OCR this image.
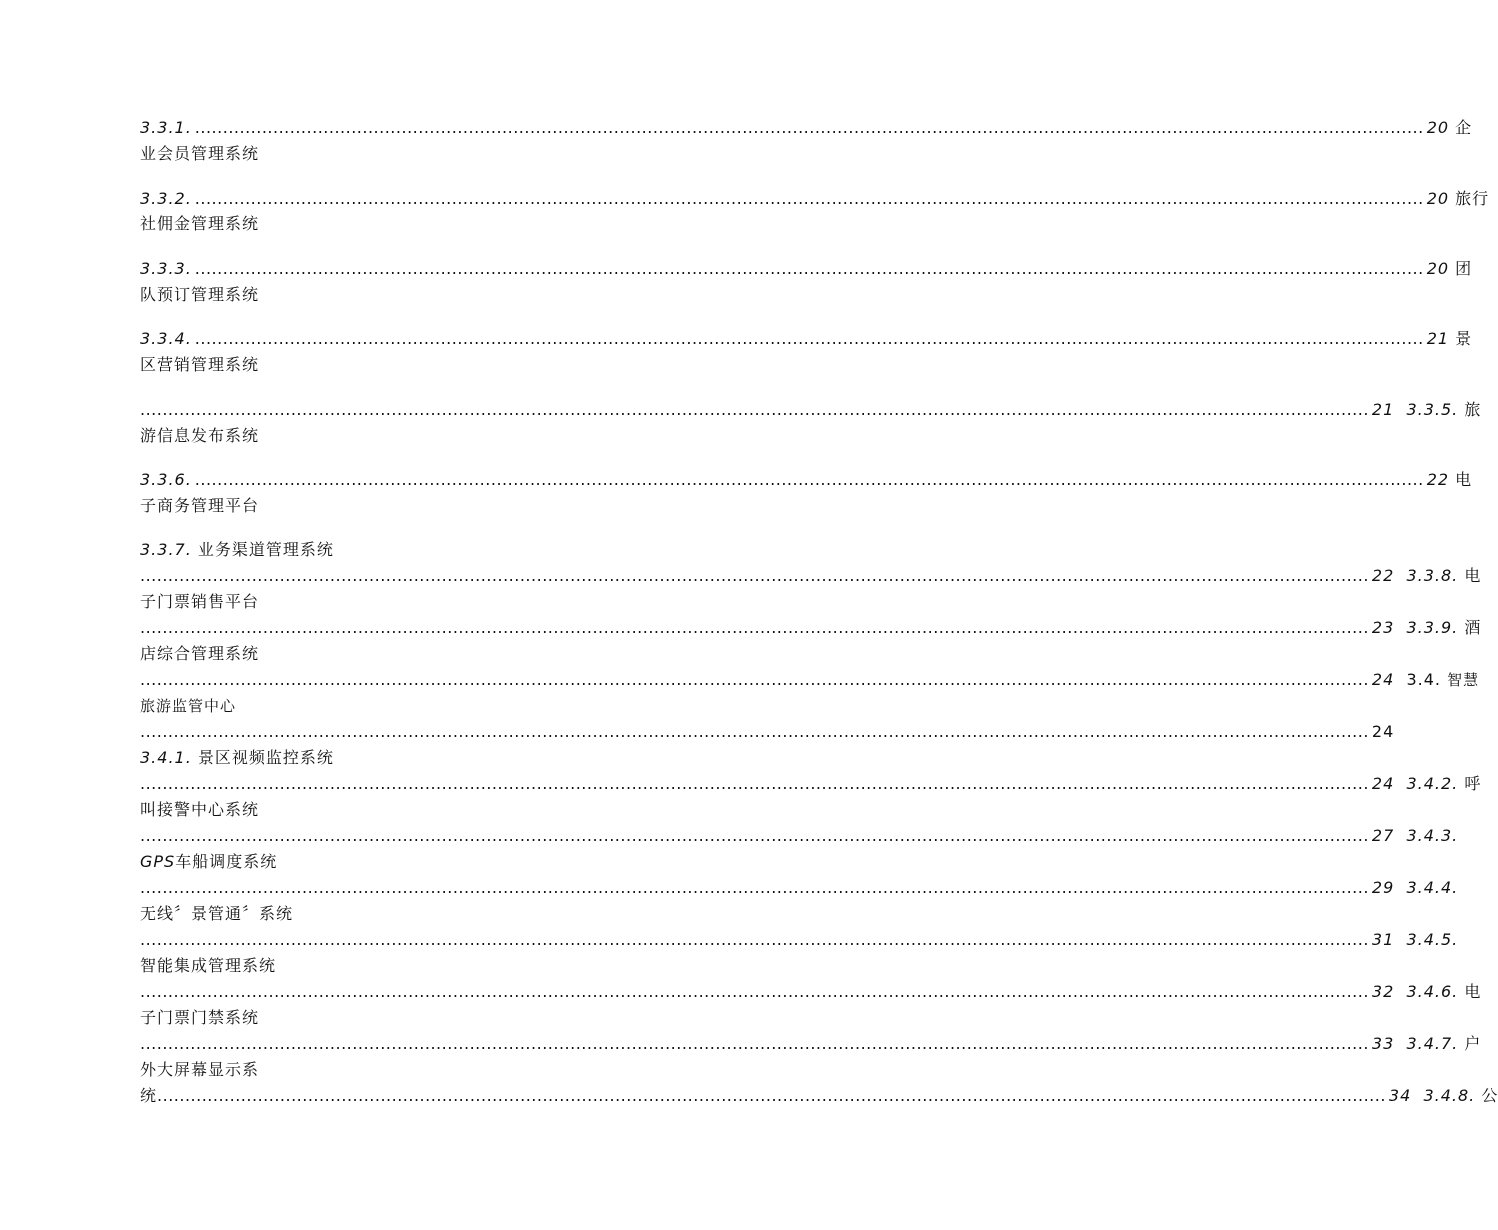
3.3.1. ............................................................................................................................................................................................................................ 20
企
业会员管理系统
3.3.2. ............................................................................................................................................................................................................................ 20
旅行
社佣金管理系统
3.3.3. ............................................................................................................................................................................................................................ 20
团
队预订管理系统
3.3.4. ............................................................................................................................................................................................................................ 21
景
区营销管理系统
............................................................................................................................................................................................................................ 21
3.3.5.
旅
游信息发布系统
3.3.6. ............................................................................................................................................................................................................................ 22
电
子商务管理平台
3.3.7. 业务渠道管理系统
............................................................................................................................................................................................................................ 22
3.3.8.
电
子门票销售平台
............................................................................................................................................................................................................................ 23
3.3.9.
酒
店综合管理系统
............................................................................................................................................................................................................................ 24
3.4.
智慧
旅游监管中心
............................................................................................................................................................................................................................ 24
3.4.1. 景区视频监控系统
............................................................................................................................................................................................................................ 24
3.4.2.
呼
叫接警中心系统
............................................................................................................................................................................................................................ 27
3.4.3.
GPS车船调度系统
............................................................................................................................................................................................................................ 29
3.4.4.
无线〞景管通〞系统
............................................................................................................................................................................................................................ 31
3.4.5.
智能集成管理系统
............................................................................................................................................................................................................................ 32
3.4.6.
电
子门票门禁系统
............................................................................................................................................................................................................................ 33
3.4.7.
户
外大屏幕显示系
统 ............................................................................................................................................................................................................................ 34
3.4.8.
公
